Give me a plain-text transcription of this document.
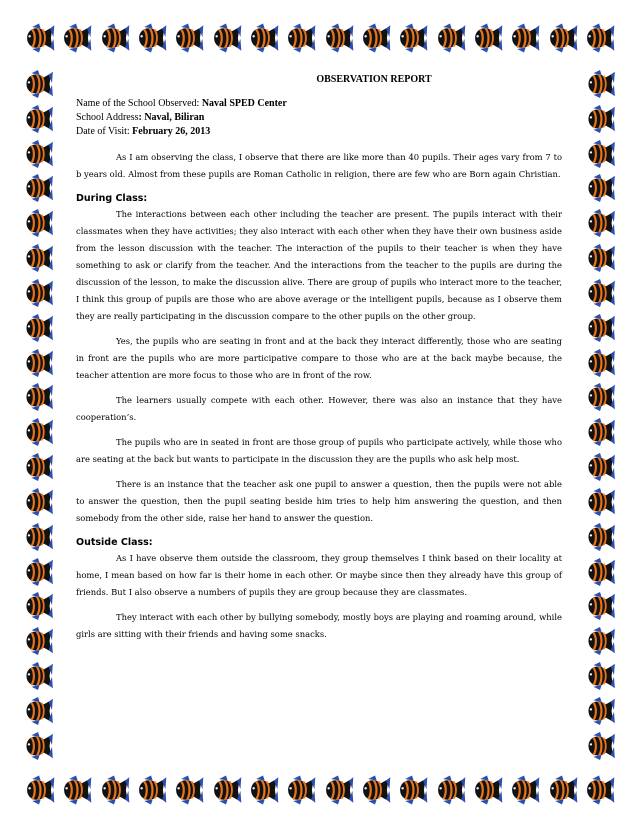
OBSERVATION REPORT

Name of the School Observed: Naval SPED Center

School Address: Naval, Biliran

Date of Visit: February 26, 2013

As I am observing the class, I observe that there are like more than 40 pupils. Their ages vary from 7 to b years old. Almost from these pupils are Roman Catholic in religion, there are few who are Born again Christian.

During Class:

The interactions between each other including the teacher are present. The pupils interact with their classmates when they have activities; they also interact with each other when they have their own business aside from the lesson discussion with the teacher. The interaction of the pupils to their teacher is when they have something to ask or clarify from the teacher. And the interactions from the teacher to the pupils are during the discussion of the lesson, to make the discussion alive. There are group of pupils who interact more to the teacher, I think this group of pupils are those who are above average or the intelligent pupils, because as I observe them they are really participating in the discussion compare to the other pupils on the other group.

Yes, the pupils who are seating in front and at the back they interact differently, those who are seating in front are the pupils who are more participative compare to those who are at the back maybe because, the teacher attention are more focus to those who are in front of the row.

The learners usually compete with each other. However, there was also an instance that they have cooperation’s.

The pupils who are in seated in front are those group of pupils who participate actively, while those who are seating at the back but wants to participate in the discussion they are the pupils who ask help most.

There is an instance that the teacher ask one pupil to answer a question, then the pupils were not able to answer the question, then the pupil seating beside him tries to help him answering the question, and then somebody from the other side, raise her hand to answer the question.

Outside Class:

As I have observe them outside the classroom, they group themselves I think based on their locality at home, I mean based on how far is their home in each other. Or maybe since then they already have this group of friends. But I also observe a numbers of pupils they are group because they are classmates.

They interact with each other by bullying somebody, mostly boys are playing and roaming around, while girls are sitting with their friends and having some snacks.
